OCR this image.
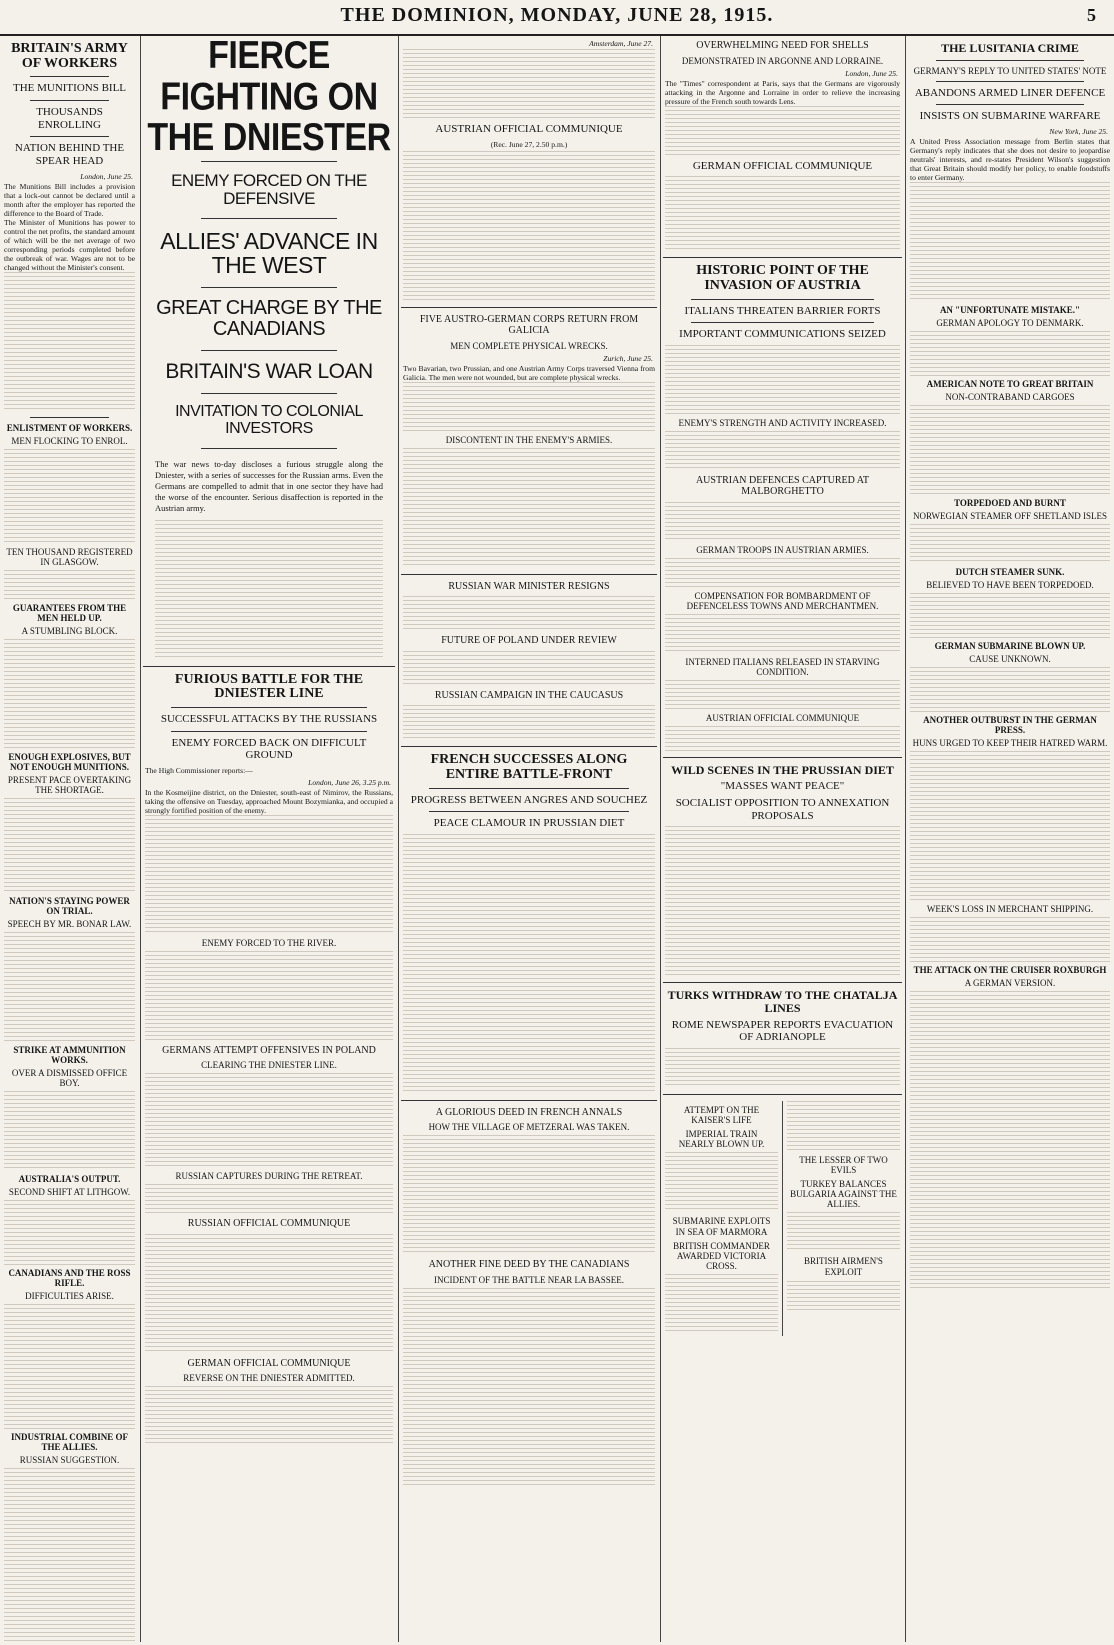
THE DOMINION, MONDAY, JUNE 28, 1915.	5
BRITAIN'S ARMY OF WORKERS
THE MUNITIONS BILL
THOUSANDS ENROLLING
NATION BEHIND THE SPEAR HEAD
London, June 25.
The Munitions Bill includes a provision that a lock-out cannot be declared until a month after the employer has reported the difference to the Board of Trade.
The Minister of Munitions has power to control the net profits, the standard amount of which will be the net average of two corresponding periods completed before the outbreak of war. Wages are not to be changed without the Minister's consent.
ENLISTMENT OF WORKERS.
MEN FLOCKING TO ENROL.
TEN THOUSAND REGISTERED IN GLASGOW.
GUARANTEES FROM THE MEN HELD UP.
A STUMBLING BLOCK.
ENOUGH EXPLOSIVES, BUT NOT ENOUGH MUNITIONS.
PRESENT PACE OVERTAKING THE SHORTAGE.
NATION'S STAYING POWER ON TRIAL.
SPEECH BY MR. BONAR LAW.
STRIKE AT AMMUNITION WORKS.
OVER A DISMISSED OFFICE BOY.
AUSTRALIA'S OUTPUT.
SECOND SHIFT AT LITHGOW.
CANADIANS AND THE ROSS RIFLE.
DIFFICULTIES ARISE.
INDUSTRIAL COMBINE OF THE ALLIES.
RUSSIAN SUGGESTION.
FIERCE FIGHTING ON THE DNIESTER
ENEMY FORCED ON THE DEFENSIVE
ALLIES' ADVANCE IN THE WEST
GREAT CHARGE BY THE CANADIANS
BRITAIN'S WAR LOAN
INVITATION TO COLONIAL INVESTORS
The war news to-day discloses a furious struggle along the Dniester, with a series of successes for the Russian arms. Even the Germans are compelled to admit that in one sector they have had the worse of the encounter. Serious disaffection is reported in the Austrian army.
FURIOUS BATTLE FOR THE DNIESTER LINE
SUCCESSFUL ATTACKS BY THE RUSSIANS
ENEMY FORCED BACK ON DIFFICULT GROUND
The High Commissioner reports:—
London, June 26, 3.25 p.m.
In the Kosmeijine district, on the Dniester, south-east of Nimirov, the Russians, taking the offensive on Tuesday, approached Mount Bozymianka, and occupied a strongly fortified position of the enemy.
ENEMY FORCED TO THE RIVER.
GERMANS ATTEMPT OFFENSIVES IN POLAND
CLEARING THE DNIESTER LINE.
RUSSIAN CAPTURES DURING THE RETREAT.
RUSSIAN OFFICIAL COMMUNIQUE
GERMAN OFFICIAL COMMUNIQUE
REVERSE ON THE DNIESTER ADMITTED.
Amsterdam, June 27.
AUSTRIAN OFFICIAL COMMUNIQUE
(Rec. June 27, 2.50 p.m.)
FIVE AUSTRO-GERMAN CORPS RETURN FROM GALICIA
MEN COMPLETE PHYSICAL WRECKS.
Zurich, June 25.
Two Bavarian, two Prussian, and one Austrian Army Corps traversed Vienna from Galicia. The men were not wounded, but are complete physical wrecks.
DISCONTENT IN THE ENEMY'S ARMIES.
RUSSIAN WAR MINISTER RESIGNS
FUTURE OF POLAND UNDER REVIEW
RUSSIAN CAMPAIGN IN THE CAUCASUS
FRENCH SUCCESSES ALONG ENTIRE BATTLE-FRONT
PROGRESS BETWEEN ANGRES AND SOUCHEZ
PEACE CLAMOUR IN PRUSSIAN DIET
A GLORIOUS DEED IN FRENCH ANNALS
HOW THE VILLAGE OF METZERAL WAS TAKEN.
ANOTHER FINE DEED BY THE CANADIANS
INCIDENT OF THE BATTLE NEAR LA BASSEE.
OVERWHELMING NEED FOR SHELLS
DEMONSTRATED IN ARGONNE AND LORRAINE.
London, June 25.
The "Times" correspondent at Paris, says that the Germans are vigorously attacking in the Argonne and Lorraine in order to relieve the increasing pressure of the French south towards Lens.
GERMAN OFFICIAL COMMUNIQUE
HISTORIC POINT OF THE INVASION OF AUSTRIA
ITALIANS THREATEN BARRIER FORTS
IMPORTANT COMMUNICATIONS SEIZED
ENEMY'S STRENGTH AND ACTIVITY INCREASED.
AUSTRIAN DEFENCES CAPTURED AT MALBORGHETTO
GERMAN TROOPS IN AUSTRIAN ARMIES.
COMPENSATION FOR BOMBARDMENT OF DEFENCELESS TOWNS AND MERCHANTMEN.
INTERNED ITALIANS RELEASED IN STARVING CONDITION.
AUSTRIAN OFFICIAL COMMUNIQUE
WILD SCENES IN THE PRUSSIAN DIET
"MASSES WANT PEACE"
SOCIALIST OPPOSITION TO ANNEXATION PROPOSALS
TURKS WITHDRAW TO THE CHATALJA LINES
ROME NEWSPAPER REPORTS EVACUATION OF ADRIANOPLE
ATTEMPT ON THE KAISER'S LIFE
IMPERIAL TRAIN NEARLY BLOWN UP.
SUBMARINE EXPLOITS IN SEA OF MARMORA
BRITISH COMMANDER AWARDED VICTORIA CROSS.
THE LESSER OF TWO EVILS
TURKEY BALANCES BULGARIA AGAINST THE ALLIES.
BRITISH AIRMEN'S EXPLOIT
THE LUSITANIA CRIME
GERMANY'S REPLY TO UNITED STATES' NOTE
ABANDONS ARMED LINER DEFENCE
INSISTS ON SUBMARINE WARFARE
New York, June 25.
A United Press Association message from Berlin states that Germany's reply indicates that she does not desire to jeopardise neutrals' interests, and re-states President Wilson's suggestion that Great Britain should modify her policy, to enable foodstuffs to enter Germany.
AN "UNFORTUNATE MISTAKE."
GERMAN APOLOGY TO DENMARK.
AMERICAN NOTE TO GREAT BRITAIN
NON-CONTRABAND CARGOES
TORPEDOED AND BURNT
NORWEGIAN STEAMER OFF SHETLAND ISLES
DUTCH STEAMER SUNK.
BELIEVED TO HAVE BEEN TORPEDOED.
GERMAN SUBMARINE BLOWN UP.
CAUSE UNKNOWN.
ANOTHER OUTBURST IN THE GERMAN PRESS.
HUNS URGED TO KEEP THEIR HATRED WARM.
WEEK'S LOSS IN MERCHANT SHIPPING.
THE ATTACK ON THE CRUISER ROXBURGH
A GERMAN VERSION.
